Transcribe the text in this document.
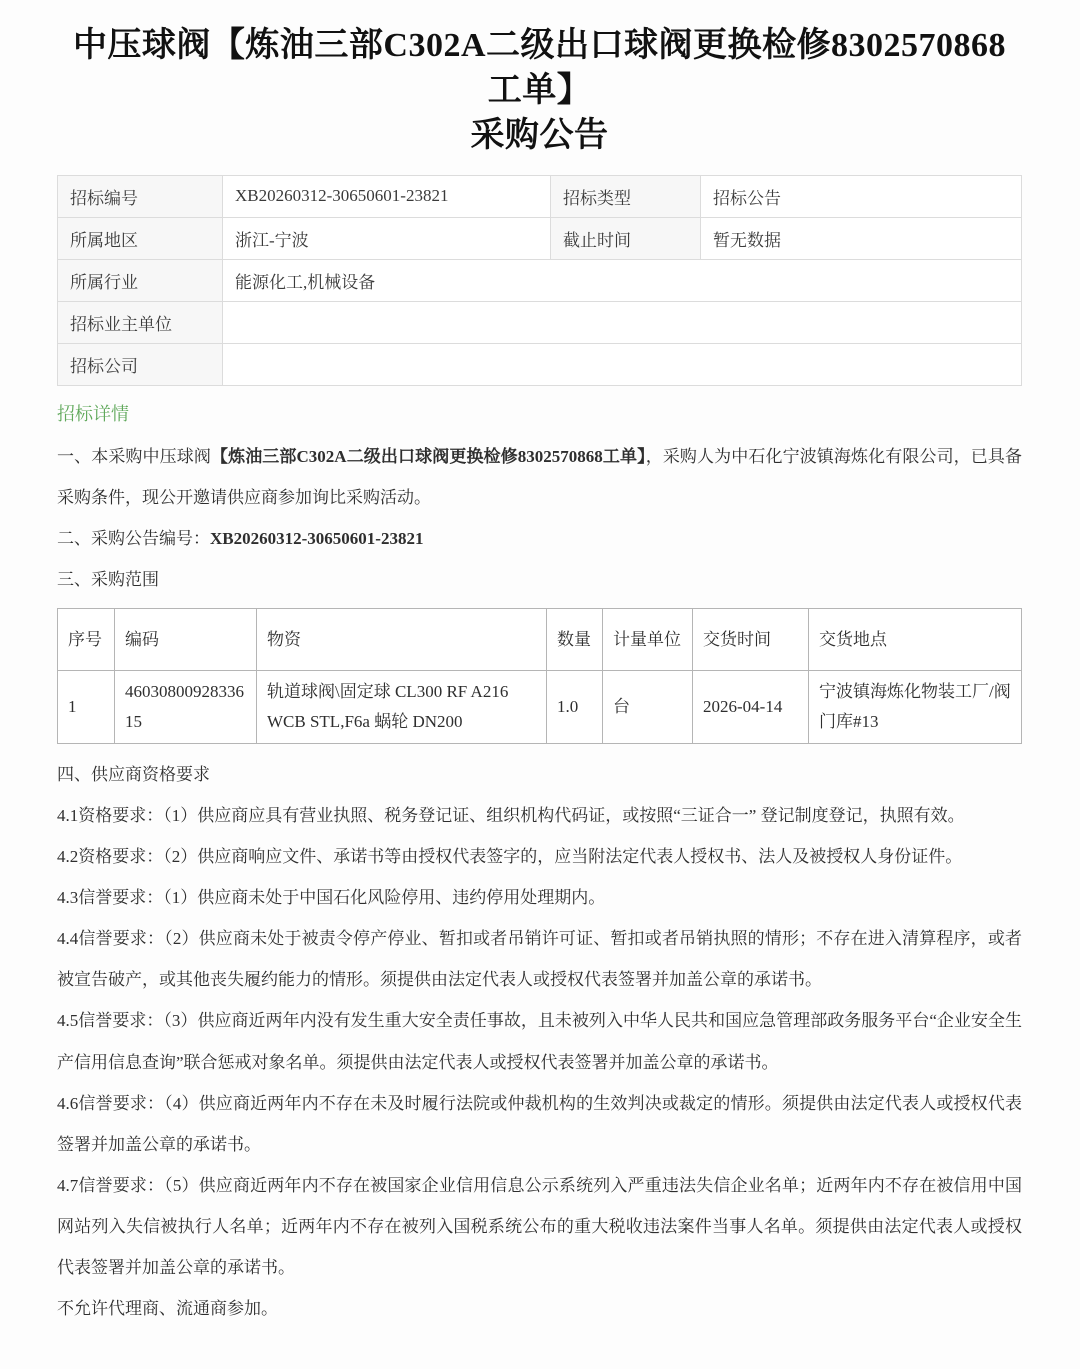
中压球阀【炼油三部C302A二级出口球阀更换检修8302570868工单】
采购公告
招标编号	XB20260312-30650601-23821	招标类型	招标公告
所属地区	浙江-宁波	截止时间	暂无数据
所属行业	能源化工,机械设备		
招标业主单位			
招标公司			
招标详情

一、本采购中压球阀【炼油三部C302A二级出口球阀更换检修8302570868工单】，采购人为中石化宁波镇海炼化有限公司，已具备采购条件，现公开邀请供应商参加询比采购活动。

二、采购公告编号：XB20260312-30650601-23821

三、采购范围

序号	编码	物资	数量	计量单位	交货时间	交货地点
1	4603080092833615	轨道球阀\固定球 CL300 RF A216 WCB STL,F6a 蜗轮 DN200	1.0	台	2026-04-14	宁波镇海炼化物装工厂/阀门库#13

四、供应商资格要求

4.1资格要求：（1）供应商应具有营业执照、税务登记证、组织机构代码证，或按照“三证合一” 登记制度登记，执照有效。

4.2资格要求：（2）供应商响应文件、承诺书等由授权代表签字的，应当附法定代表人授权书、法人及被授权人身份证件。

4.3信誉要求：（1）供应商未处于中国石化风险停用、违约停用处理期内。

4.4信誉要求：（2）供应商未处于被责令停产停业、暂扣或者吊销许可证、暂扣或者吊销执照的情形；不存在进入清算程序，或者被宣告破产，或其他丧失履约能力的情形。须提供由法定代表人或授权代表签署并加盖公章的承诺书。

4.5信誉要求：（3）供应商近两年内没有发生重大安全责任事故，且未被列入中华人民共和国应急管理部政务服务平台“企业安全生产信用信息查询”联合惩戒对象名单。须提供由法定代表人或授权代表签署并加盖公章的承诺书。

4.6信誉要求：（4）供应商近两年内不存在未及时履行法院或仲裁机构的生效判决或裁定的情形。须提供由法定代表人或授权代表签署并加盖公章的承诺书。

4.7信誉要求：（5）供应商近两年内不存在被国家企业信用信息公示系统列入严重违法失信企业名单；近两年内不存在被信用中国网站列入失信被执行人名单；近两年内不存在被列入国税系统公布的重大税收违法案件当事人名单。须提供由法定代表人或授权代表签署并加盖公章的承诺书。

不允许代理商、流通商参加。
